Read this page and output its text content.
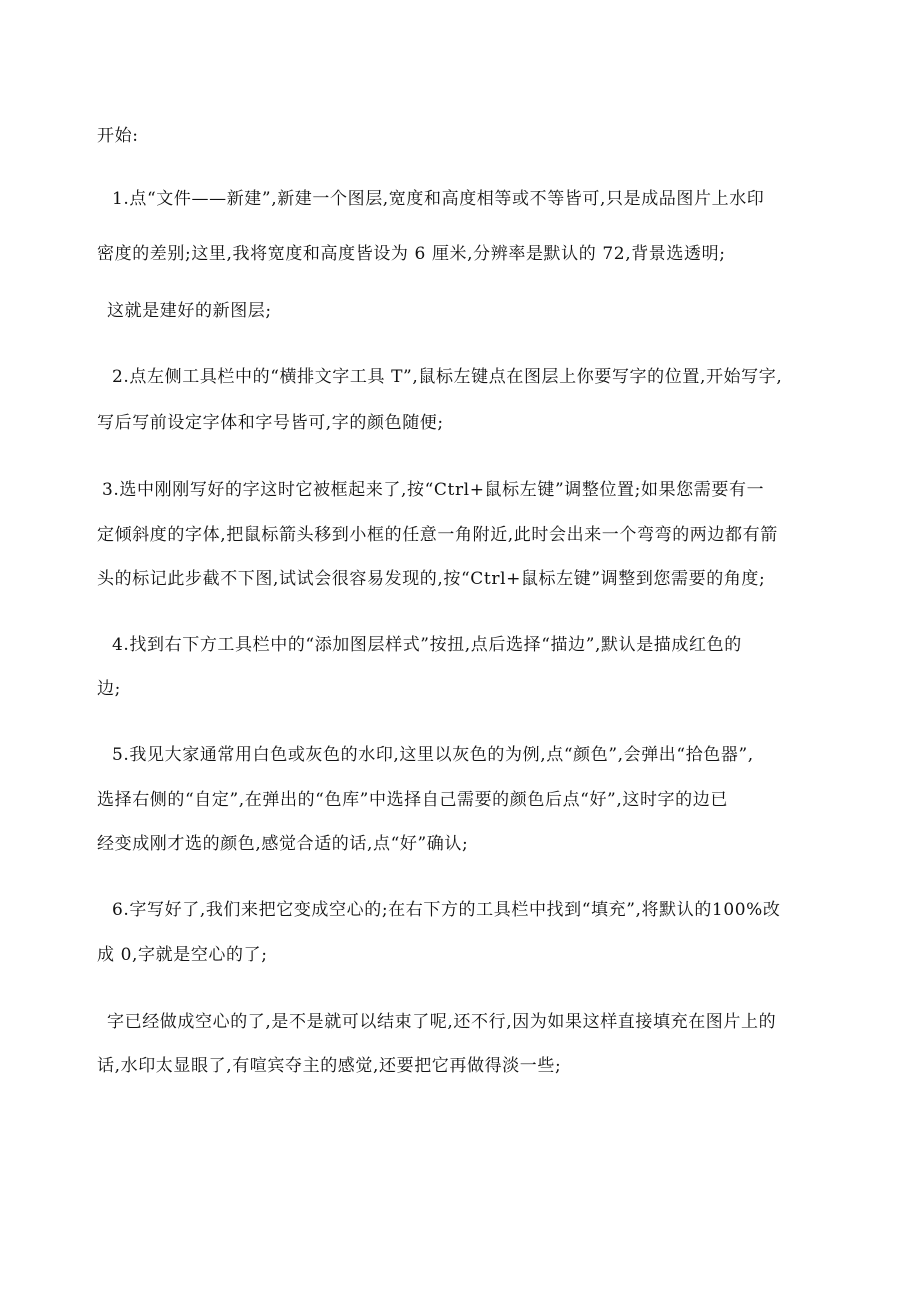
开始:
1.点“文件——新建”,新建一个图层,宽度和高度相等或不等皆可,只是成品图片上水印
密度的差别;这里,我将宽度和高度皆设为 6 厘米,分辨率是默认的 72,背景选透明;
这就是建好的新图层;
2.点左侧工具栏中的“横排文字工具 T”,鼠标左键点在图层上你要写字的位置,开始写字,
写后写前设定字体和字号皆可,字的颜色随便;
3.选中刚刚写好的字这时它被框起来了,按“Ctrl+鼠标左键”调整位置;如果您需要有一
定倾斜度的字体,把鼠标箭头移到小框的任意一角附近,此时会出来一个弯弯的两边都有箭
头的标记此步截不下图,试试会很容易发现的,按“Ctrl+鼠标左键”调整到您需要的角度;
4.找到右下方工具栏中的“添加图层样式”按扭,点后选择“描边”,默认是描成红色的
边;
5.我见大家通常用白色或灰色的水印,这里以灰色的为例,点“颜色”,会弹出“拾色器”,
选择右侧的“自定”,在弹出的“色库”中选择自己需要的颜色后点“好”,这时字的边已
经变成刚才选的颜色,感觉合适的话,点“好”确认;
6.字写好了,我们来把它变成空心的;在右下方的工具栏中找到“填充”,将默认的100%改
成 0,字就是空心的了;
字已经做成空心的了,是不是就可以结束了呢,还不行,因为如果这样直接填充在图片上的
话,水印太显眼了,有喧宾夺主的感觉,还要把它再做得淡一些;
